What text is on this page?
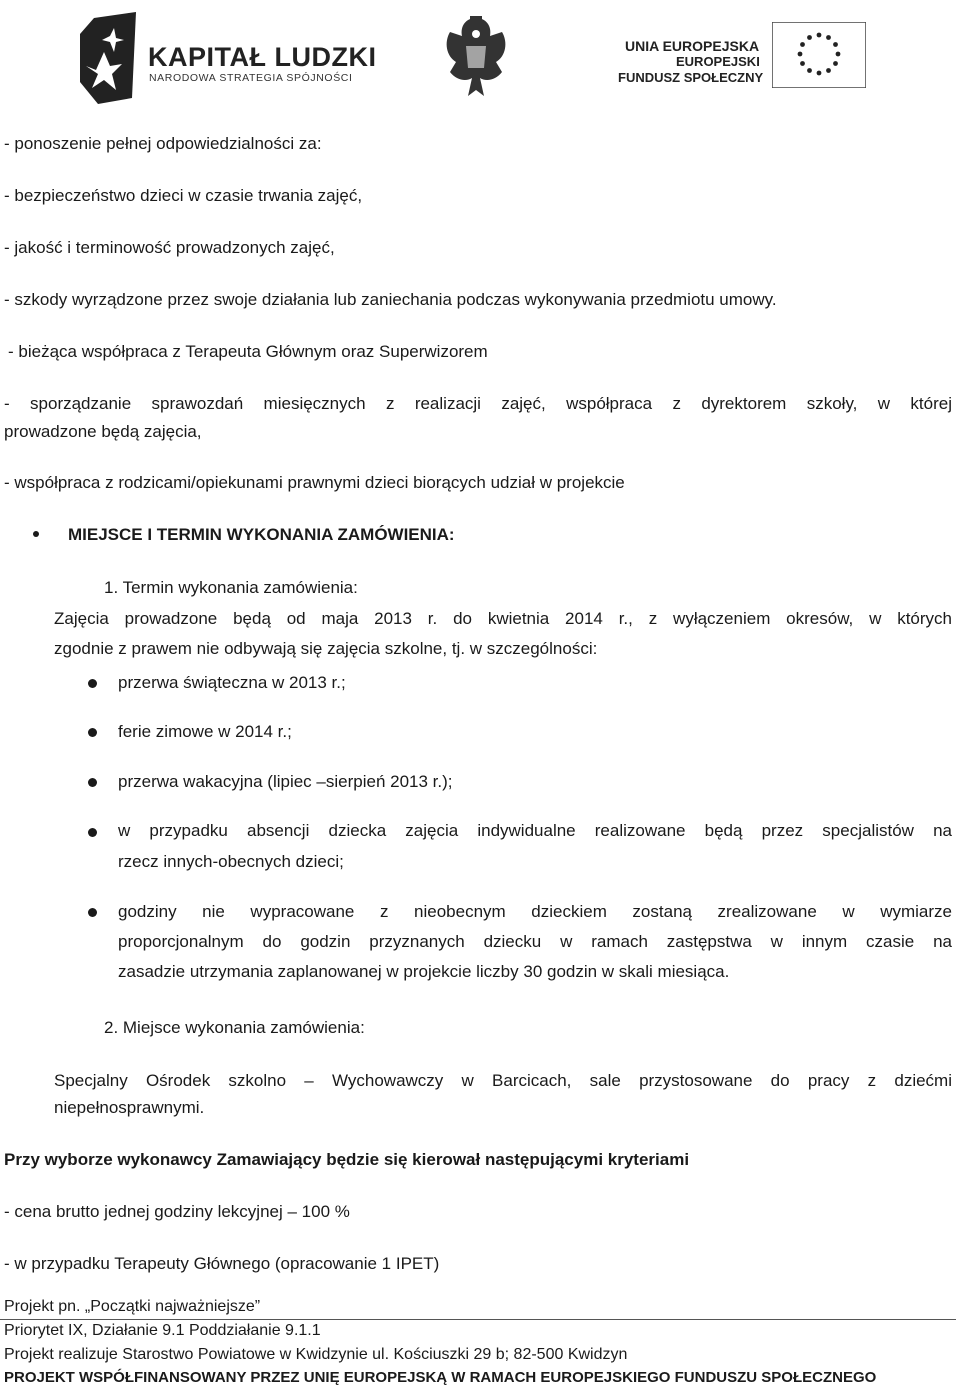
KAPITAŁ LUDZKI
NARODOWA STRATEGIA SPÓJNOŚCI
UNIA EUROPEJSKA
EUROPEJSKI
FUNDUSZ SPOŁECZNY
- ponoszenie pełnej odpowiedzialności za:
- bezpieczeństwo dzieci w czasie trwania zajęć,
- jakość i terminowość prowadzonych zajęć,
- szkody wyrządzone przez swoje działania lub zaniechania podczas wykonywania przedmiotu umowy.
- bieżąca współpraca z Terapeuta Głównym oraz Superwizorem
- sporządzanie sprawozdań miesięcznych z realizacji zajęć, współpraca z dyrektorem szkoły, w której
prowadzone będą zajęcia,
- współpraca z rodzicami/opiekunami prawnymi dzieci biorących udział w projekcie
MIEJSCE I TERMIN WYKONANIA ZAMÓWIENIA:
1. Termin wykonania zamówienia:
Zajęcia prowadzone będą od maja 2013 r. do kwietnia 2014 r., z wyłączeniem okresów, w których
zgodnie z prawem nie odbywają się zajęcia szkolne, tj. w szczególności:
przerwa świąteczna w 2013 r.;
ferie zimowe w 2014 r.;
przerwa wakacyjna (lipiec –sierpień 2013 r.);
w przypadku absencji dziecka zajęcia indywidualne realizowane będą przez specjalistów na
rzecz innych-obecnych dzieci;
godziny nie wypracowane z nieobecnym dzieckiem zostaną zrealizowane w wymiarze
proporcjonalnym do godzin przyznanych dziecku w ramach zastępstwa w innym czasie na
zasadzie utrzymania zaplanowanej w projekcie liczby 30 godzin w skali miesiąca.
2. Miejsce wykonania zamówienia:
Specjalny Ośrodek szkolno – Wychowawczy w Barcicach, sale przystosowane do pracy z dziećmi
niepełnosprawnymi.
Przy wyborze wykonawcy Zamawiający będzie się kierował następującymi kryteriami
- cena brutto jednej godziny lekcyjnej – 100 %
- w przypadku Terapeuty Głównego (opracowanie 1 IPET)
Projekt pn. „Początki najważniejsze”
Priorytet IX, Działanie 9.1 Poddziałanie 9.1.1
Projekt realizuje Starostwo Powiatowe w Kwidzynie ul. Kościuszki 29 b; 82-500 Kwidzyn
PROJEKT WSPÓŁFINANSOWANY PRZEZ UNIĘ EUROPEJSKĄ W RAMACH EUROPEJSKIEGO FUNDUSZU SPOŁECZNEGO
